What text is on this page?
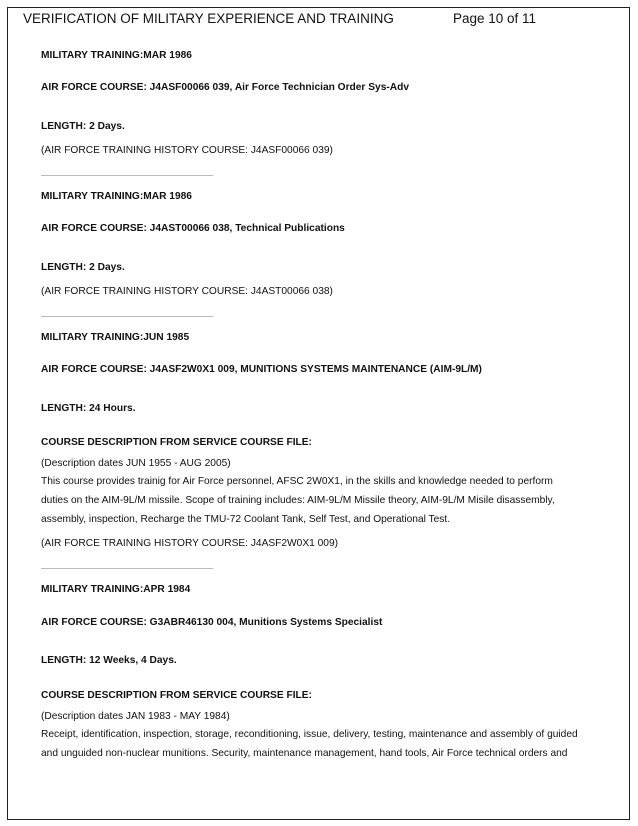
VERIFICATION OF MILITARY EXPERIENCE AND TRAINING	Page 10 of 11
MILITARY TRAINING:MAR 1986
AIR FORCE COURSE: J4ASF00066 039, Air Force Technician Order Sys-Adv
LENGTH: 2 Days.
(AIR FORCE TRAINING HISTORY COURSE: J4ASF00066 039)
MILITARY TRAINING:MAR 1986
AIR FORCE COURSE: J4AST00066 038, Technical Publications
LENGTH: 2 Days.
(AIR FORCE TRAINING HISTORY COURSE: J4AST00066 038)
MILITARY TRAINING:JUN 1985
AIR FORCE COURSE: J4ASF2W0X1 009, MUNITIONS SYSTEMS MAINTENANCE (AIM-9L/M)
LENGTH: 24 Hours.
COURSE DESCRIPTION FROM SERVICE COURSE FILE:
(Description dates JUN 1955 - AUG 2005)
This course provides trainig for Air Force personnel, AFSC 2W0X1, in the skills and knowledge needed to perform
duties on the AIM-9L/M missile. Scope of training includes: AIM-9L/M Missile theory, AIM-9L/M Misile disassembly,
assembly, inspection, Recharge the TMU-72 Coolant Tank, Self Test, and Operational Test.
(AIR FORCE TRAINING HISTORY COURSE: J4ASF2W0X1 009)
MILITARY TRAINING:APR 1984
AIR FORCE COURSE: G3ABR46130 004, Munitions Systems Specialist
LENGTH: 12 Weeks, 4 Days.
COURSE DESCRIPTION FROM SERVICE COURSE FILE:
(Description dates JAN 1983 - MAY 1984)
Receipt, identification, inspection, storage, reconditioning, issue, delivery, testing, maintenance and assembly of guided
and unguided non-nuclear munitions. Security, maintenance management, hand tools, Air Force technical orders and
